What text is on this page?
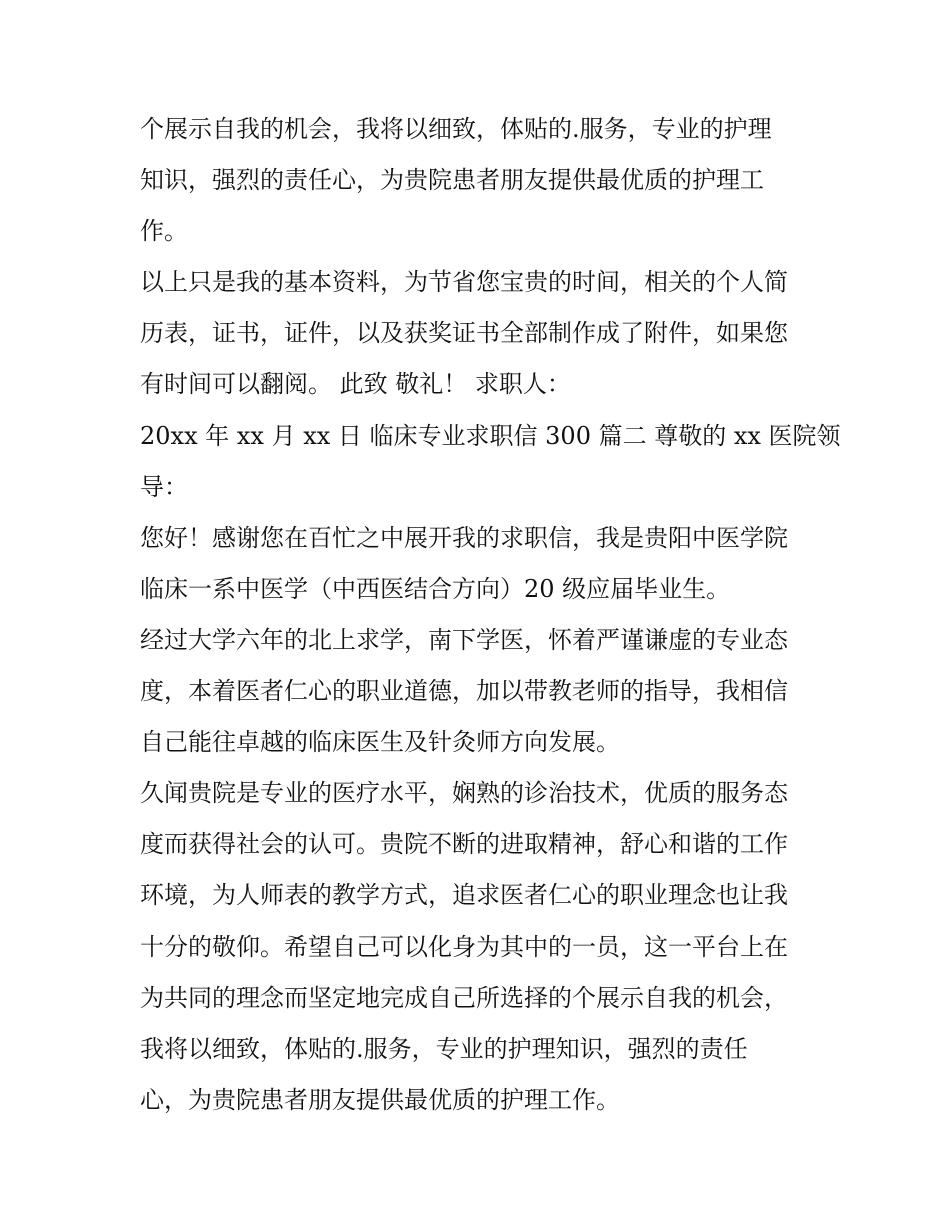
个展示自我的机会，我将以细致，体贴的.服务，专业的护理
知识，强烈的责任心，为贵院患者朋友提供最优质的护理工
作。
以上只是我的基本资料，为节省您宝贵的时间，相关的个人简
历表，证书，证件，以及获奖证书全部制作成了附件，如果您
有时间可以翻阅。 此致 敬礼！ 求职人：
20xx 年 xx 月 xx 日 临床专业求职信 300 篇二 尊敬的 xx 医院领
导：
您好！感谢您在百忙之中展开我的求职信，我是贵阳中医学院
临床一系中医学（中西医结合方向）20 级应届毕业生。
经过大学六年的北上求学，南下学医，怀着严谨谦虚的专业态
度，本着医者仁心的职业道德，加以带教老师的指导，我相信
自己能往卓越的临床医生及针灸师方向发展。
久闻贵院是专业的医疗水平，娴熟的诊治技术，优质的服务态
度而获得社会的认可。贵院不断的进取精神，舒心和谐的工作
环境，为人师表的教学方式，追求医者仁心的职业理念也让我
十分的敬仰。希望自己可以化身为其中的一员，这一平台上在
为共同的理念而坚定地完成自己所选择的个展示自我的机会，
我将以细致，体贴的.服务，专业的护理知识，强烈的责任
心，为贵院患者朋友提供最优质的护理工作。
